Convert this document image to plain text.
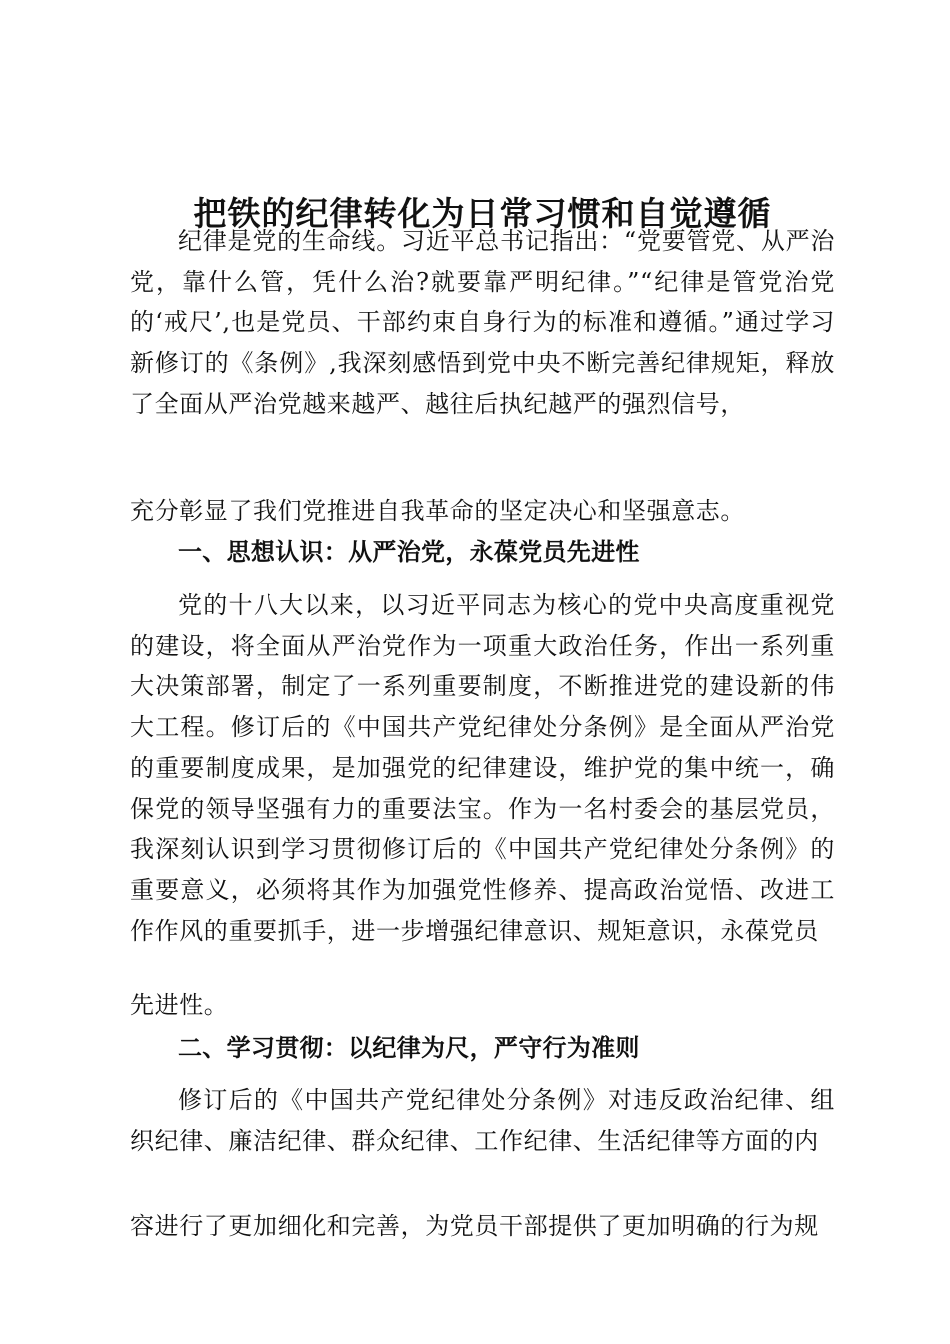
把铁的纪律转化为日常习惯和自觉遵循

纪律是党的生命线。习近平总书记指出：“党要管党、从严治党，靠什么管，凭什么治?就要靠严明纪律。”“纪律是管党治党的‘戒尺’,也是党员、干部约束自身行为的标准和遵循。”通过学习新修订的《条例》,我深刻感悟到党中央不断完善纪律规矩，释放了全面从严治党越来越严、越往后执纪越严的强烈信号，

充分彰显了我们党推进自我革命的坚定决心和坚强意志。

一、思想认识：从严治党，永葆党员先进性

党的十八大以来，以习近平同志为核心的党中央高度重视党的建设，将全面从严治党作为一项重大政治任务，作出一系列重大决策部署，制定了一系列重要制度，不断推进党的建设新的伟大工程。修订后的《中国共产党纪律处分条例》是全面从严治党的重要制度成果，是加强党的纪律建设，维护党的集中统一，确保党的领导坚强有力的重要法宝。作为一名村委会的基层党员， 我深刻认识到学习贯彻修订后的《中国共产党纪律处分条例》的 重要意义，必须将其作为加强党性修养、提高政治觉悟、改进工 作作风的重要抓手，进一步增强纪律意识、规矩意识，永葆党员

先进性。

二、学习贯彻：以纪律为尺，严守行为准则

修订后的《中国共产党纪律处分条例》对违反政治纪律、组 织纪律、廉洁纪律、群众纪律、工作纪律、生活纪律等方面的内

容进行了更加细化和完善，为党员干部提供了更加明确的行为规
